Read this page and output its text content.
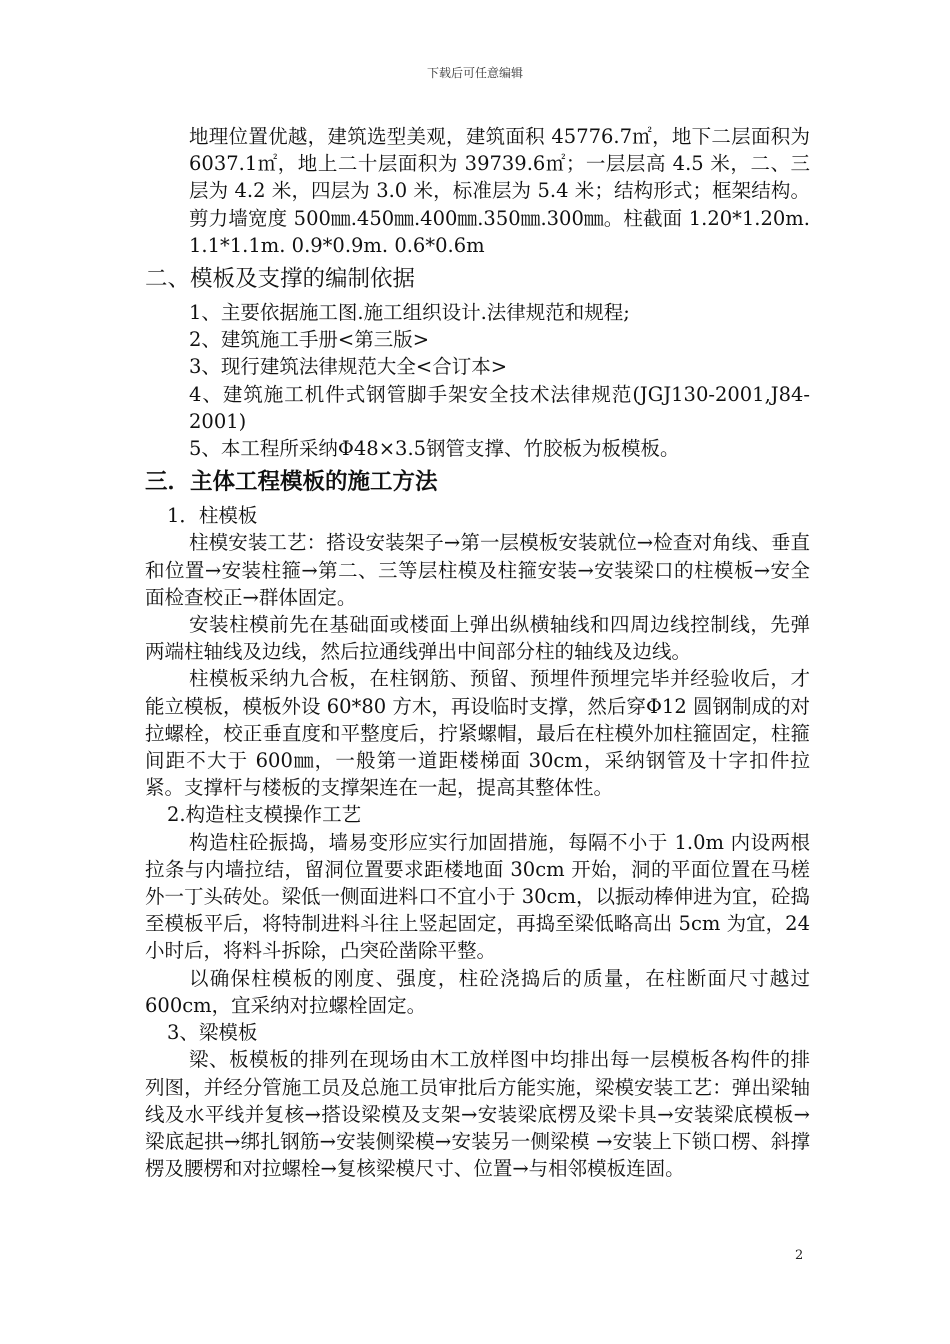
下载后可任意编辑

地理位置优越，建筑选型美观，建筑面积 45776.7㎡，地下二层面积为 6037.1㎡，地上二十层面积为 39739.6㎡；一层层高 4.5 米，二、三层为 4.2 米，四层为 3.0 米，标准层为 5.4 米；结构形式；框架结构。剪力墙宽度 500㎜.450㎜.400㎜.350㎜.300㎜。柱截面 1.20*1.20m. 1.1*1.1m. 0.9*0.9m. 0.6*0.6m

二、模板及支撑的编制依据

1、主要依据施工图.施工组织设计.法律规范和规程;

2、建筑施工手册<第三版>

3、现行建筑法律规范大全<合订本>

4、建筑施工机件式钢管脚手架安全技术法律规范(JGJ130-2001,J84-2001)

5、本工程所采纳Φ48×3.5钢管支撑、竹胶板为板模板。

三．主体工程模板的施工方法

1．柱模板

柱模安装工艺：搭设安装架子→第一层模板安装就位→检查对角线、垂直和位置→安装柱箍→第二、三等层柱模及柱箍安装→安装梁口的柱模板→安全面检查校正→群体固定。

安装柱模前先在基础面或楼面上弹出纵横轴线和四周边线控制线，先弹两端柱轴线及边线，然后拉通线弹出中间部分柱的轴线及边线。

柱模板采纳九合板，在柱钢筋、预留、预埋件预埋完毕并经验收后，才能立模板，模板外设 60*80 方木，再设临时支撑，然后穿Φ12 圆钢制成的对拉螺栓，校正垂直度和平整度后，拧紧螺帽，最后在柱模外加柱箍固定，柱箍间距不大于 600㎜，一般第一道距楼梯面 30cm，采纳钢管及十字扣件拉紧。支撑杆与楼板的支撑架连在一起，提高其整体性。

2.构造柱支模操作工艺

构造柱砼振捣，墙易变形应实行加固措施，每隔不小于 1.0m 内设两根拉条与内墙拉结，留洞位置要求距楼地面 30cm 开始，洞的平面位置在马槎外一丁头砖处。梁低一侧面进料口不宜小于 30cm，以振动棒伸进为宜，砼捣至模板平后，将特制进料斗往上竖起固定，再捣至梁低略高出 5cm 为宜，24 小时后，将料斗拆除，凸突砼凿除平整。

以确保柱模板的刚度、强度，柱砼浇捣后的质量，在柱断面尺寸越过 600cm，宜采纳对拉螺栓固定。

3、梁模板

梁、板模板的排列在现场由木工放样图中均排出每一层模板各构件的排列图，并经分管施工员及总施工员审批后方能实施，梁模安装工艺：弹出梁轴线及水平线并复核→搭设梁模及支架→安装梁底楞及梁卡具→安装梁底模板→梁底起拱→绑扎钢筋→安装侧梁模→安装另一侧梁模 →安装上下锁口楞、斜撑楞及腰楞和对拉螺栓→复核梁模尺寸、位置→与相邻模板连固。

2
